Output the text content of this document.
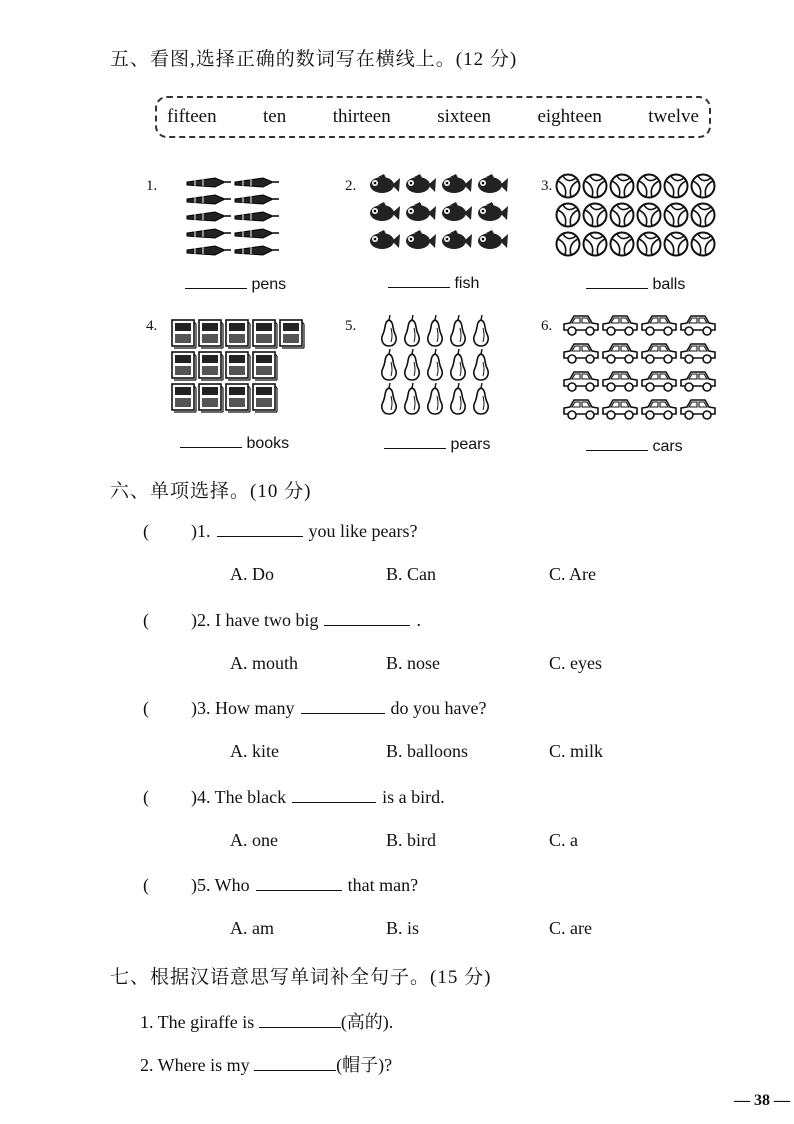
五、看图,选择正确的数词写在横线上。(12 分)
fifteen ten thirteen sixteen eighteen twelve
1.	2.	3.
4.	5.	6.
pens	fish	balls
books	pears	cars
六、单项选择。(10 分)
( )1.	you like pears?
A. Do	B. Can	C. Are
( )2. I have two big	.
A. mouth	B. nose	C. eyes
( )3. How many	do you have?
A. kite	B. balloons	C. milk
( )4. The black	is a bird.
A. one	B. bird	C. a
( )5. Who	that man?
A. am	B. is	C. are
七、根据汉语意思写单词补全句子。(15 分)
1. The giraffe is	(高的).
2. Where is my	(帽子)?
— 38 —
